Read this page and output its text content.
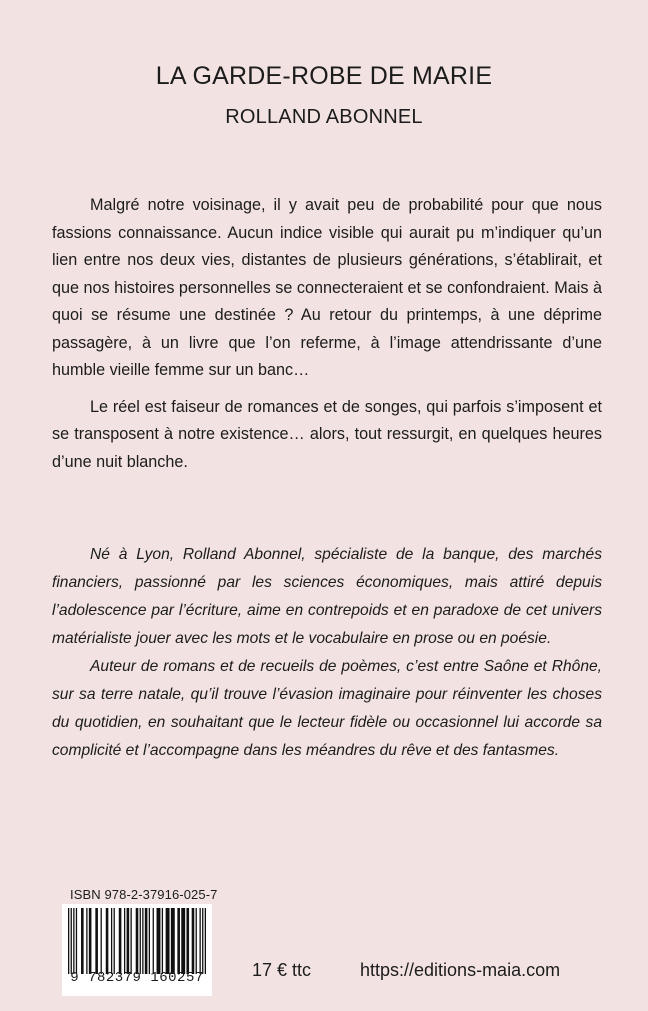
LA GARDE-ROBE DE MARIE
ROLLAND ABONNEL

Malgré notre voisinage, il y avait peu de probabilité pour que nous fassions connaissance. Aucun indice visible qui aurait pu m’indiquer qu’un lien entre nos deux vies, distantes de plusieurs générations, s’établirait, et que nos histoires personnelles se connecteraient et se confondraient. Mais à quoi se résume une destinée ? Au retour du printemps, à une déprime passagère, à un livre que l’on referme, à l’image attendrissante d’une humble vieille femme sur un banc…

Le réel est faiseur de romances et de songes, qui parfois s’imposent et se transposent à notre existence… alors, tout ressurgit, en quelques heures d’une nuit blanche.

Né à Lyon, Rolland Abonnel, spécialiste de la banque, des marchés financiers, passionné par les sciences économiques, mais attiré depuis l’adolescence par l’écriture, aime en contrepoids et en paradoxe de cet univers matérialiste jouer avec les mots et le vocabulaire en prose ou en poésie.

Auteur de romans et de recueils de poèmes, c’est entre Saône et Rhône, sur sa terre natale, qu’il trouve l’évasion imaginaire pour réinventer les choses du quotidien, en souhaitant que le lecteur fidèle ou occasionnel lui accorde sa complicité et l’accompagne dans les méandres du rêve et des fantasmes.

ISBN 978-2-37916-025-7
9 782379 160257	17 € ttc	https://editions-maia.com
